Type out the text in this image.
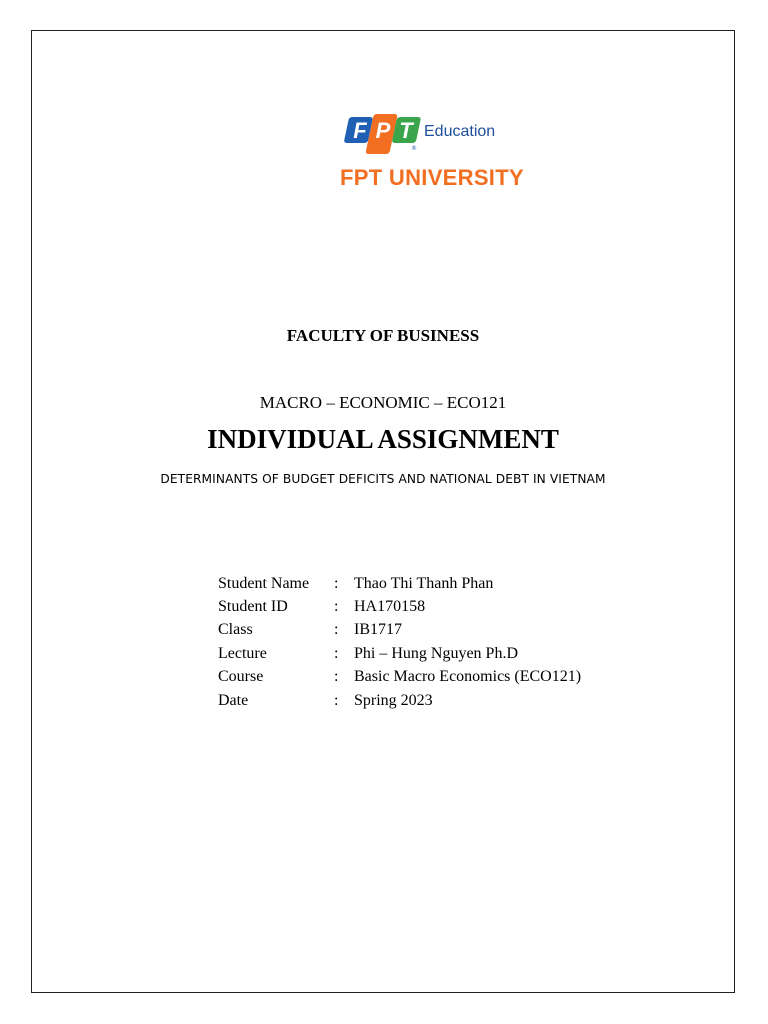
F P T
®
Education
FPT UNIVERSITY
FACULTY OF BUSINESS
MACRO – ECONOMIC – ECO121
INDIVIDUAL ASSIGNMENT
DETERMINANTS OF BUDGET DEFICITS AND NATIONAL DEBT IN VIETNAM
Student Name	: Thao Thi Thanh Phan
Student ID	: HA170158
Class	: IB1717
Lecture	: Phi – Hung Nguyen Ph.D
Course	: Basic Macro Economics (ECO121)
Date	: Spring 2023
